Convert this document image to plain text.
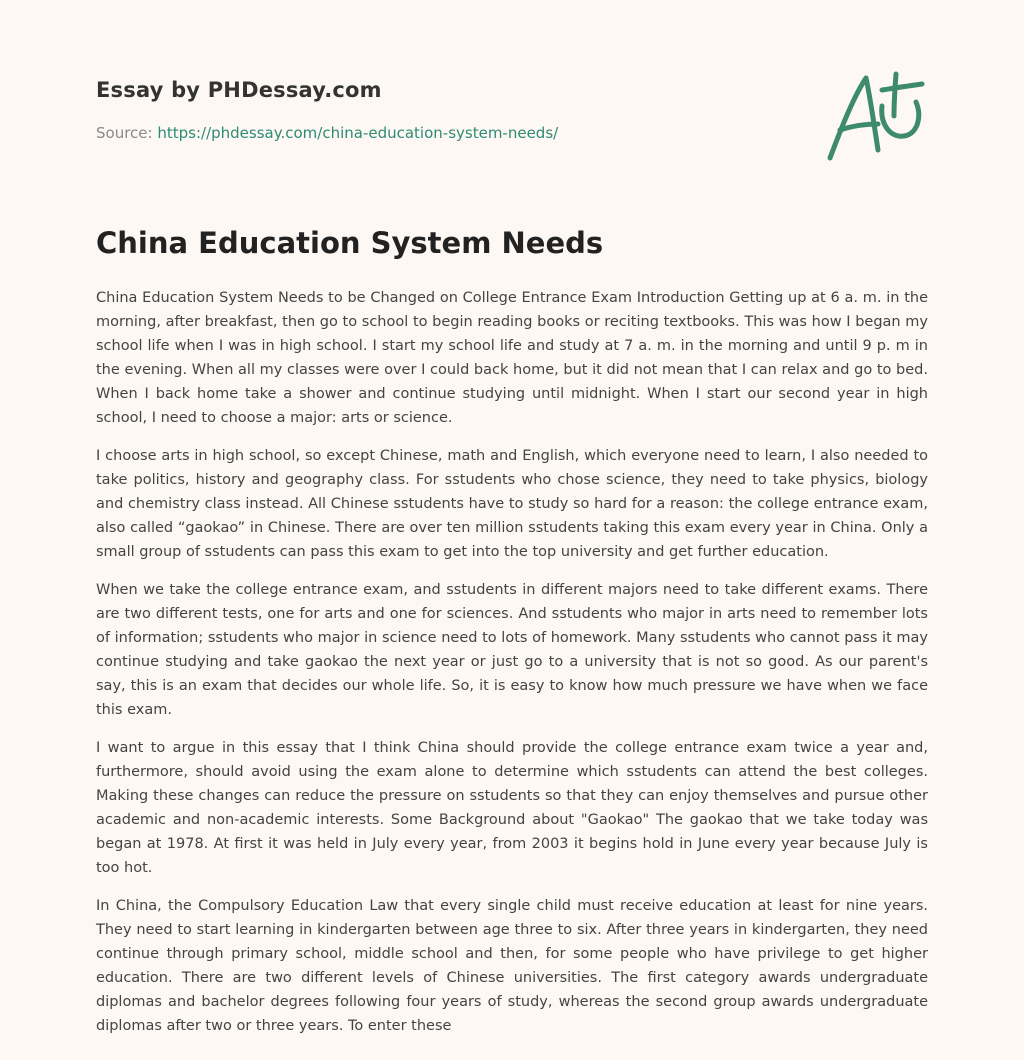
Essay by PHDessay.com
Source: https://phdessay.com/china-education-system-needs/
China Education System Needs

China Education System Needs to be Changed on College Entrance Exam Introduction Getting up at 6 a. m. in the morning, after breakfast, then go to school to begin reading books or reciting textbooks. This was how I began my school life when I was in high school. I start my school life and study at 7 a. m. in the morning and until 9 p. m in the evening. When all my classes were over I could back home, but it did not mean that I can relax and go to bed. When I back home take a shower and continue studying until midnight. When I start our second year in high school, I need to choose a major: arts or science.

I choose arts in high school, so except Chinese, math and English, which everyone need to learn, I also needed to take politics, history and geography class. For sstudents who chose science, they need to take physics, biology and chemistry class instead. All Chinese sstudents have to study so hard for a reason: the college entrance exam, also called “gaokao” in Chinese. There are over ten million sstudents taking this exam every year in China. Only a small group of sstudents can pass this exam to get into the top university and get further education.

When we take the college entrance exam, and sstudents in different majors need to take different exams. There are two different tests, one for arts and one for sciences. And sstudents who major in arts need to remember lots of information; sstudents who major in science need to lots of homework. Many sstudents who cannot pass it may continue studying and take gaokao the next year or just go to a university that is not so good. As our parent's say, this is an exam that decides our whole life. So, it is easy to know how much pressure we have when we face this exam.

I want to argue in this essay that I think China should provide the college entrance exam twice a year and, furthermore, should avoid using the exam alone to determine which sstudents can attend the best colleges. Making these changes can reduce the pressure on sstudents so that they can enjoy themselves and pursue other academic and non-academic interests. Some Background about "Gaokao" The gaokao that we take today was began at 1978. At first it was held in July every year, from 2003 it begins hold in June every year because July is too hot.

In China, the Compulsory Education Law that every single child must receive education at least for nine years. They need to start learning in kindergarten between age three to six. After three years in kindergarten, they need continue through primary school, middle school and then, for some people who have privilege to get higher education. There are two different levels of Chinese universities. The first category awards undergraduate diplomas and bachelor degrees following four years of study, whereas the second group awards undergraduate diplomas after two or three years. To enter these
